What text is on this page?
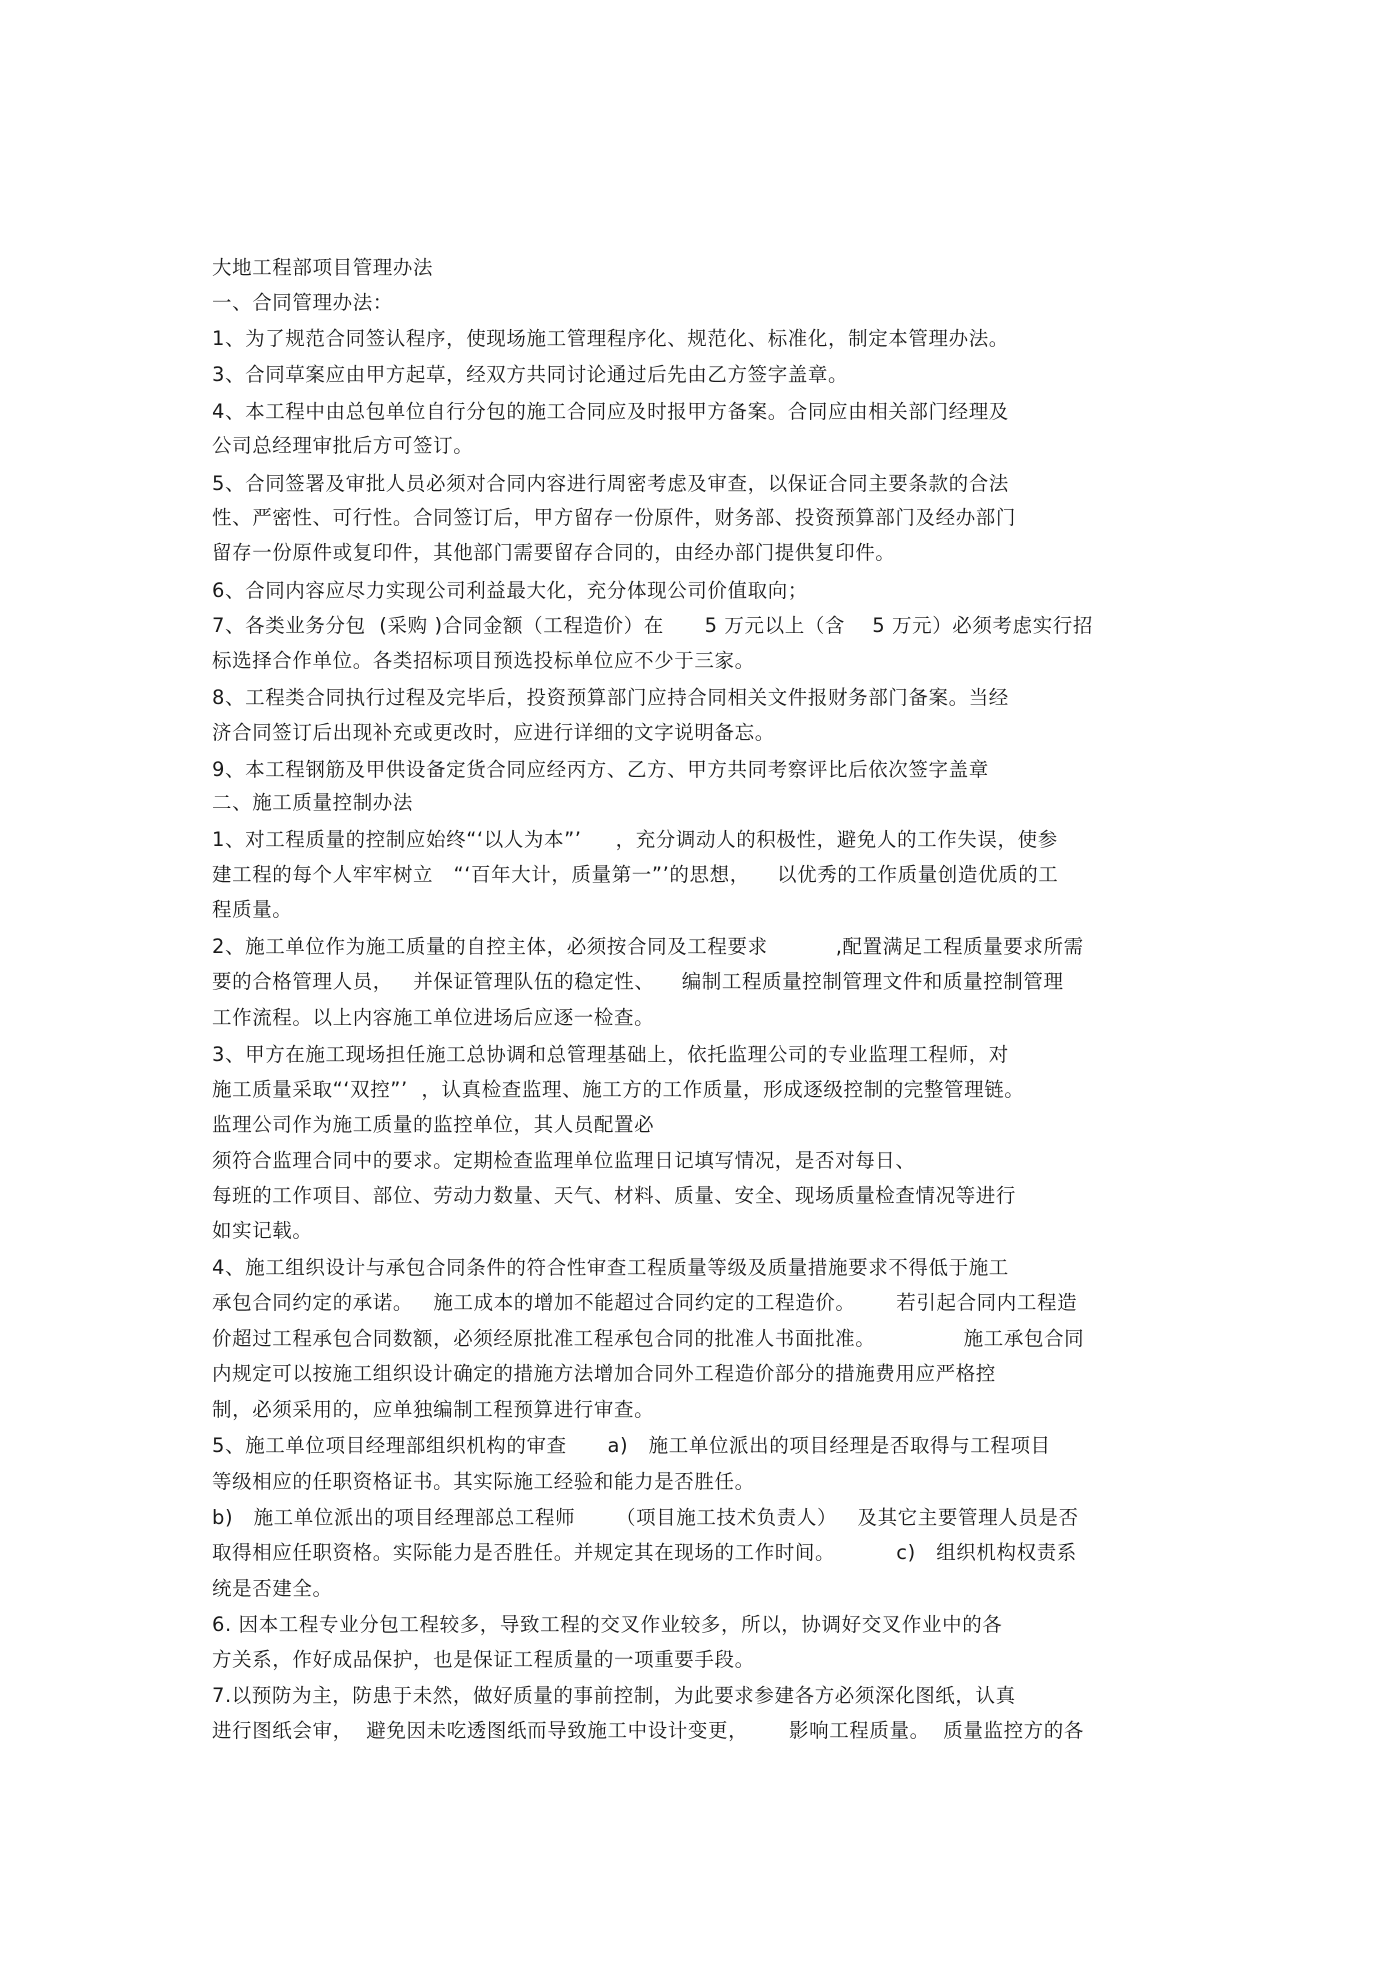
大地工程部项目管理办法

一、合同管理办法：

1、为了规范合同签认程序，使现场施工管理程序化、规范化、标准化，制定本管理办法。

3、合同草案应由甲方起草，经双方共同讨论通过后先由乙方签字盖章。

4、本工程中由总包单位自行分包的施工合同应及时报甲方备案。合同应由相关部门经理及

公司总经理审批后方可签订。

5、合同签署及审批人员必须对合同内容进行周密考虑及审查，以保证合同主要条款的合法

性、严密性、可行性。合同签订后，甲方留存一份原件，财务部、投资预算部门及经办部门

留存一份原件或复印件，其他部门需要留存合同的，由经办部门提供复印件。

6、合同内容应尽力实现公司利益最大化，充分体现公司价值取向；

7、各类业务分包  (采购 )合同金额（工程造价）在      5 万元以上（含    5 万元）必须考虑实行招

标选择合作单位。各类招标项目预选投标单位应不少于三家。

8、工程类合同执行过程及完毕后，投资预算部门应持合同相关文件报财务部门备案。当经

济合同签订后出现补充或更改时，应进行详细的文字说明备忘。

9、本工程钢筋及甲供设备定货合同应经丙方、乙方、甲方共同考察评比后依次签字盖章

二、施工质量控制办法

1、对工程质量的控制应始终“‘以人为本”’     ，充分调动人的积极性，避免人的工作失误，使参

建工程的每个人牢牢树立   “‘百年大计，质量第一”’的思想，    以优秀的工作质量创造优质的工

程质量。

2、施工单位作为施工质量的自控主体，必须按合同及工程要求          ,配置满足工程质量要求所需

要的合格管理人员，   并保证管理队伍的稳定性、    编制工程质量控制管理文件和质量控制管理

工作流程。以上内容施工单位进场后应逐一检查。

3、甲方在施工现场担任施工总协调和总管理基础上，依托监理公司的专业监理工程师，对

施工质量采取“‘双控”’  ，认真检查监理、施工方的工作质量，形成逐级控制的完整管理链。

监理公司作为施工质量的监控单位，其人员配置必

须符合监理合同中的要求。定期检查监理单位监理日记填写情况，是否对每日、

每班的工作项目、部位、劳动力数量、天气、材料、质量、安全、现场质量检查情况等进行

如实记载。

4、施工组织设计与承包合同条件的符合性审查工程质量等级及质量措施要求不得低于施工

承包合同约定的承诺。   施工成本的增加不能超过合同约定的工程造价。      若引起合同内工程造

价超过工程承包合同数额，必须经原批准工程承包合同的批准人书面批准。             施工承包合同

内规定可以按施工组织设计确定的措施方法增加合同外工程造价部分的措施费用应严格控

制，必须采用的，应单独编制工程预算进行审查。

5、施工单位项目经理部组织机构的审查      a)   施工单位派出的项目经理是否取得与工程项目

等级相应的任职资格证书。其实际施工经验和能力是否胜任。

b)   施工单位派出的项目经理部总工程师      （项目施工技术负责人）   及其它主要管理人员是否

取得相应任职资格。实际能力是否胜任。并规定其在现场的工作时间。         c)   组织机构权责系

统是否建全。

6. 因本工程专业分包工程较多，导致工程的交叉作业较多，所以，协调好交叉作业中的各

方关系，作好成品保护，也是保证工程质量的一项重要手段。

7.以预防为主，防患于未然，做好质量的事前控制，为此要求参建各方必须深化图纸，认真

进行图纸会审，  避免因未吃透图纸而导致施工中设计变更，      影响工程质量。  质量监控方的各
